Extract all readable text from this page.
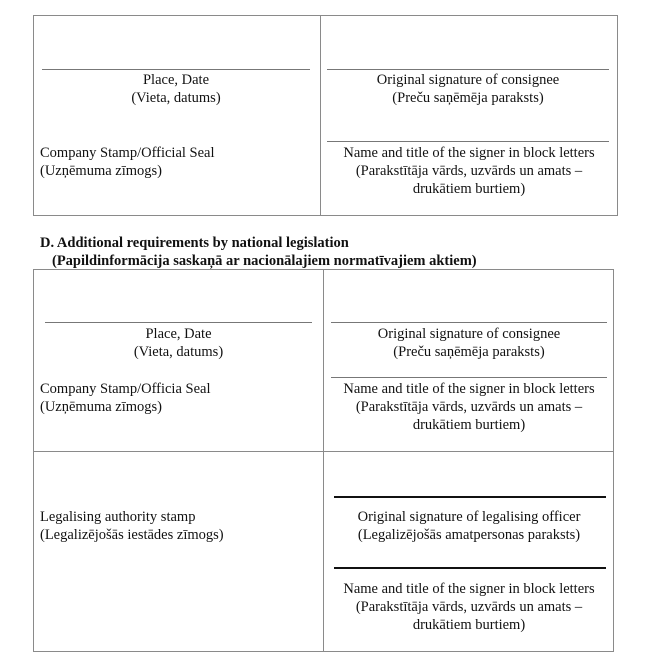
Place, Date
(Vieta, datums)
Company Stamp/Official Seal
(Uzņēmuma zīmogs)
Original signature of consignee
(Preču saņēmēja paraksts)
Name and title of the signer in block letters
(Parakstītāja vārds, uzvārds un amats –
drukātiem burtiem)
D. Additional requirements by national legislation
(Papildinformācija saskaņā ar nacionālajiem normatīvajiem aktiem)
Place, Date
(Vieta, datums)
Company Stamp/Officia Seal
(Uzņēmuma zīmogs)
Original signature of consignee
(Preču saņēmēja paraksts)
Name and title of the signer in block letters
(Parakstītāja vārds, uzvārds un amats –
drukātiem burtiem)
Legalising authority stamp
(Legalizējošās iestādes zīmogs)
Original signature of legalising officer
(Legalizējošās amatpersonas paraksts)
Name and title of the signer in block letters
(Parakstītāja vārds, uzvārds un amats –
drukātiem burtiem)
